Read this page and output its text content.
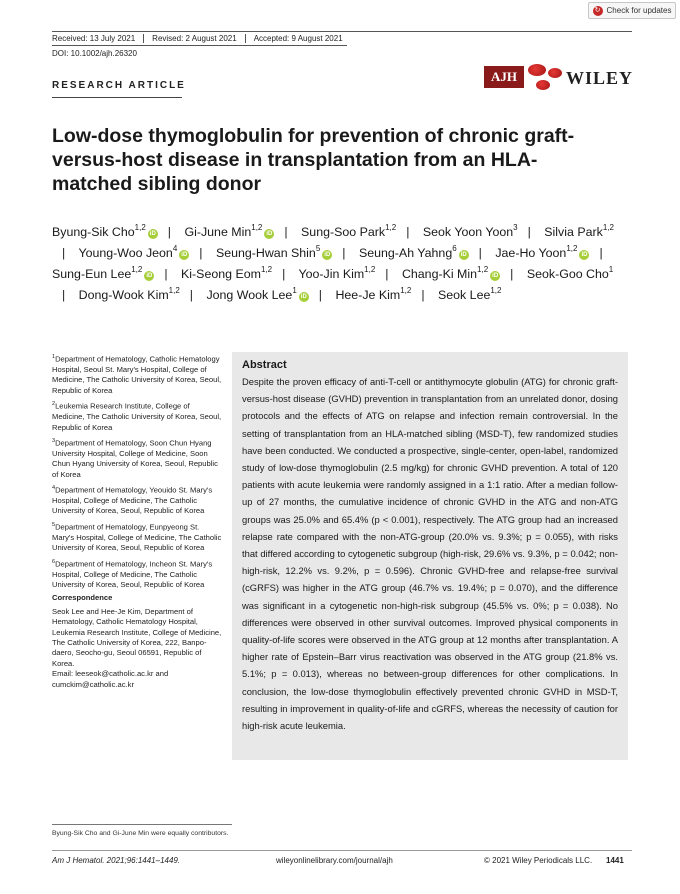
↻ Check for updates
Received: 13 July 2021	Revised: 2 August 2021	Accepted: 9 August 2021
DOI: 10.1002/ajh.26320
RESEARCH ARTICLE
AJH	WILEY
Low-dose thymoglobulin for prevention of chronic graft-versus-host disease in transplantation from an HLA-matched sibling donor
Byung-Sik Cho$^{1,2}$iD | Gi-June Min$^{1,2}$iD | Sung-Soo Park$^{1,2}$ | Seok Yoon Yoon$^3$ | Silvia Park$^{1,2}$| Young-Woo Jeon$^4$iD | Seung-Hwan Shin$^5$iD | Seung-Ah Yahng$^6$iD | Jae-Ho Yoon$^{1,2}$iD | Sung-Eun Lee$^{1,2}$iD | Ki-Seong Eom$^{1,2}$ | Yoo-Jin Kim$^{1,2}$ | Chang-Ki Min$^{1,2}$iD | Seok-Goo Cho$^1$| Dong-Wook Kim$^{1,2}$ | Jong Wook Lee$^1$iD | Hee-Je Kim$^{1,2}$ | Seok Lee$^{1,2}$

$^1$Department of Hematology, Catholic Hematology Hospital, Seoul St. Mary's Hospital, College of Medicine, The Catholic University of Korea, Seoul, Republic of Korea

$^2$Leukemia Research Institute, College of Medicine, The Catholic University of Korea, Seoul, Republic of Korea

$^3$Department of Hematology, Soon Chun Hyang University Hospital, College of Medicine, Soon Chun Hyang University of Korea, Seoul, Republic of Korea

$^4$Department of Hematology, Yeouido St. Mary's Hospital, College of Medicine, The Catholic University of Korea, Seoul, Republic of Korea

$^5$Department of Hematology, Eunpyeong St. Mary's Hospital, College of Medicine, The Catholic University of Korea, Seoul, Republic of Korea

$^6$Department of Hematology, Incheon St. Mary's Hospital, College of Medicine, The Catholic University of Korea, Seoul, Republic of Korea

Correspondence

Seok Lee and Hee-Je Kim, Department of Hematology, Catholic Hematology Hospital, Leukemia Research Institute, College of Medicine, The Catholic University of Korea, 222, Banpo-daero, Seocho-gu, Seoul 06591, Republic of Korea.

Email: leeseok@catholic.ac.kr and cumckim@catholic.ac.kr

Abstract

Despite the proven efficacy of anti-T-cell or antithymocyte globulin (ATG) for chronic graft-versus-host disease (GVHD) prevention in transplantation from an unrelated donor, dosing protocols and the effects of ATG on relapse and infection remain controversial. In the setting of transplantation from an HLA-matched sibling (MSD-T), few randomized studies have been conducted. We conducted a prospective, single-center, open-label, randomized study of low-dose thymoglobulin (2.5 mg/kg) for chronic GVHD prevention. A total of 120 patients with acute leukemia were randomly assigned in a 1:1 ratio. After a median follow-up of 27 months, the cumulative incidence of chronic GVHD in the ATG and non-ATG groups was 25.0% and 65.4% (p < 0.001), respectively. The ATG group had an increased relapse rate compared with the non-ATG-group (20.0% vs. 9.3%; p = 0.055), with risks that differed according to cytogenetic subgroup (high-risk, 29.6% vs. 9.3%, p = 0.042; non-high-risk, 12.2% vs. 9.2%, p = 0.596). Chronic GVHD-free and relapse-free survival (cGRFS) was higher in the ATG group (46.7% vs. 19.4%; p = 0.070), and the difference was significant in a cytogenetic non-high-risk subgroup (45.5% vs. 0%; p = 0.038). No differences were observed in other survival outcomes. Improved physical components in quality-of-life scores were observed in the ATG group at 12 months after transplantation. A higher rate of Epstein–Barr virus reactivation was observed in the ATG group (21.8% vs. 5.1%; p = 0.013), whereas no between-group differences for other complications. In conclusion, the low-dose thymoglobulin effectively prevented chronic GVHD in MSD-T, resulting in improvement in quality-of-life and cGRFS, whereas the necessity of caution for high-risk acute leukemia.

Byung-Sik Cho and Gi-June Min were equally contributors.
Am J Hematol. 2021;96:1441–1449.	wileyonlinelibrary.com/journal/ajh	© 2021 Wiley Periodicals LLC. 1441
